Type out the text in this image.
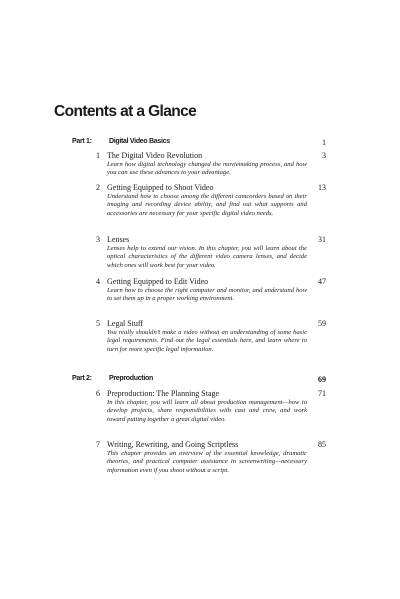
Contents at a Glance
Part 1: Digital Video Basics	1
1 The Digital Video Revolution	3
Learn how digital technology changed the moviemaking process, and how you can use these advances to your advantage.
2 Getting Equipped to Shoot Video	13
Understand how to choose among the different camcorders based on their imaging and recording device ability, and find out what supports and accessories are necessary for your specific digital video needs.
3 Lenses	31
Lenses help to extend our vision. In this chapter, you will learn about the optical characteristics of the different video camera lenses, and decide which ones will work best for your video.
4 Getting Equipped to Edit Video	47
Learn how to choose the right computer and monitor, and understand how to set them up in a proper working environment.
5 Legal Stuff	59
You really shouldn’t make a video without an understanding of some basic legal requirements. Find out the legal essentials here, and learn where to turn for more specific legal information.
Part 2: Preproduction	69
6 Preproduction: The Planning Stage	71
In this chapter, you will learn all about production management—how to develop projects, share responsibilities with cast and crew, and work toward putting together a great digital video.
7 Writing, Rewriting, and Going Scriptless	85
This chapter provides an overview of the essential knowledge, dramatic theories, and practical computer assistance in screenwriting—necessary information even if you shoot without a script.
